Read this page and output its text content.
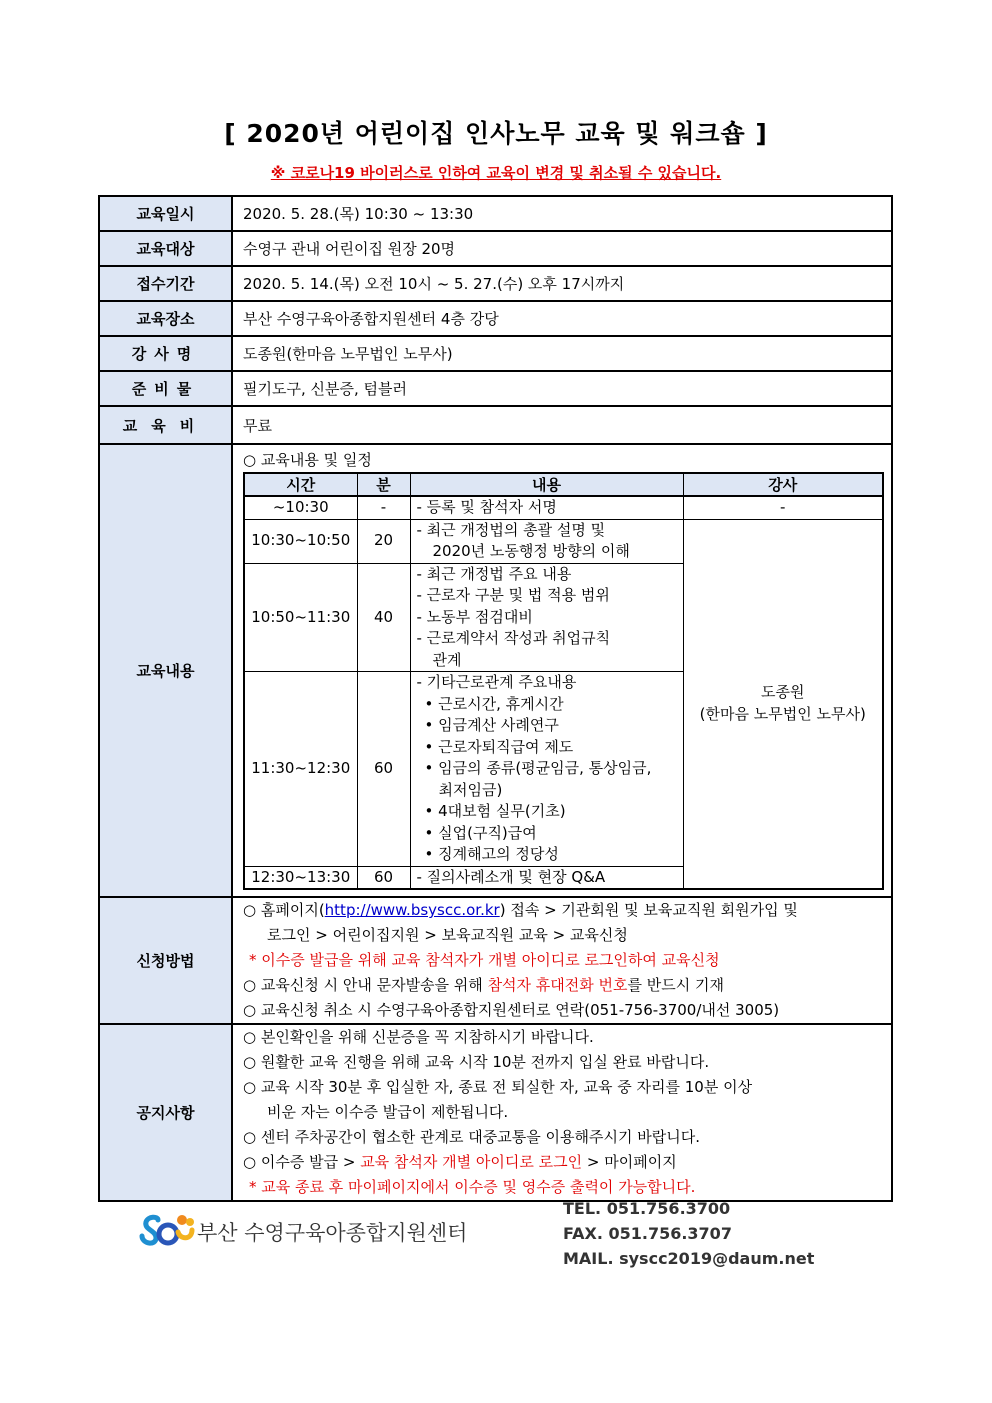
[ 2020년 어린이집 인사노무 교육 및 워크숍 ]
※ 코로나19 바이러스로 인하여 교육이 변경 및 취소될 수 있습니다.
교육일시	2020. 5. 28.(목) 10:30 ~ 13:30
교육대상	수영구 관내 어린이집 원장 20명
접수기간	2020. 5. 14.(목) 오전 10시 ~ 5. 27.(수) 오후 17시까지
교육장소	부산 수영구육아종합지원센터 4층 강당
강사명	도종원(한마음 노무법인 노무사)
준비물	필기도구, 신분증, 텀블러
교육비	무료
교육내용	
○ 교육내용 및 일정
시간	분	내용	강사
~10:30	-	- 등록 및 참석자 서명	-
10:30~10:50	20	
- 최근 개정법의 총괄 설명 및
2020년 노동행정 방향의 이해

도종원
(한마음 노무법인 노무사)

10:50~11:30	40	
- 최근 개정법 주요 내용
- 근로자 구분 및 법 적용 범위
- 노동부 점검대비
- 근로계약서 작성과 취업규칙
관계

11:30~12:30	60	
- 기타근로관계 주요내용
• 근로시간, 휴게시간
• 임금계산 사례연구
• 근로자퇴직급여 제도
• 임금의 종류(평균임금, 통상임금,
최저임금)
• 4대보험 실무(기초)
• 실업(구직)급여
• 징계해고의 정당성

12:30~13:30	60	- 질의사례소개 및 현장 Q&A

신청방법	
○ 홈페이지(http://www.bsyscc.or.kr) 접속 > 기관회원 및 보육교직원 회원가입 및
로그인 > 어린이집지원 > 보육교직원 교육 > 교육신청
* 이수증 발급을 위해 교육 참석자가 개별 아이디로 로그인하여 교육신청
○ 교육신청 시 안내 문자발송을 위해 참석자 휴대전화 번호를 반드시 기재
○ 교육신청 취소 시 수영구육아종합지원센터로 연락(051-756-3700/내선 3005)

공지사항	
○ 본인확인을 위해 신분증을 꼭 지참하시기 바랍니다.
○ 원활한 교육 진행을 위해 교육 시작 10분 전까지 입실 완료 바랍니다.
○ 교육 시작 30분 후 입실한 자, 종료 전 퇴실한 자, 교육 중 자리를 10분 이상
비운 자는 이수증 발급이 제한됩니다.
○ 센터 주차공간이 협소한 관계로 대중교통을 이용해주시기 바랍니다.
○ 이수증 발급 > 교육 참석자 개별 아이디로 로그인 > 마이페이지
* 교육 종료 후 마이페이지에서 이수증 및 영수증 출력이 가능합니다.
부산 수영구육아종합지원센터
TEL. 051.756.3700
FAX. 051.756.3707
MAIL. syscc2019@daum.net
